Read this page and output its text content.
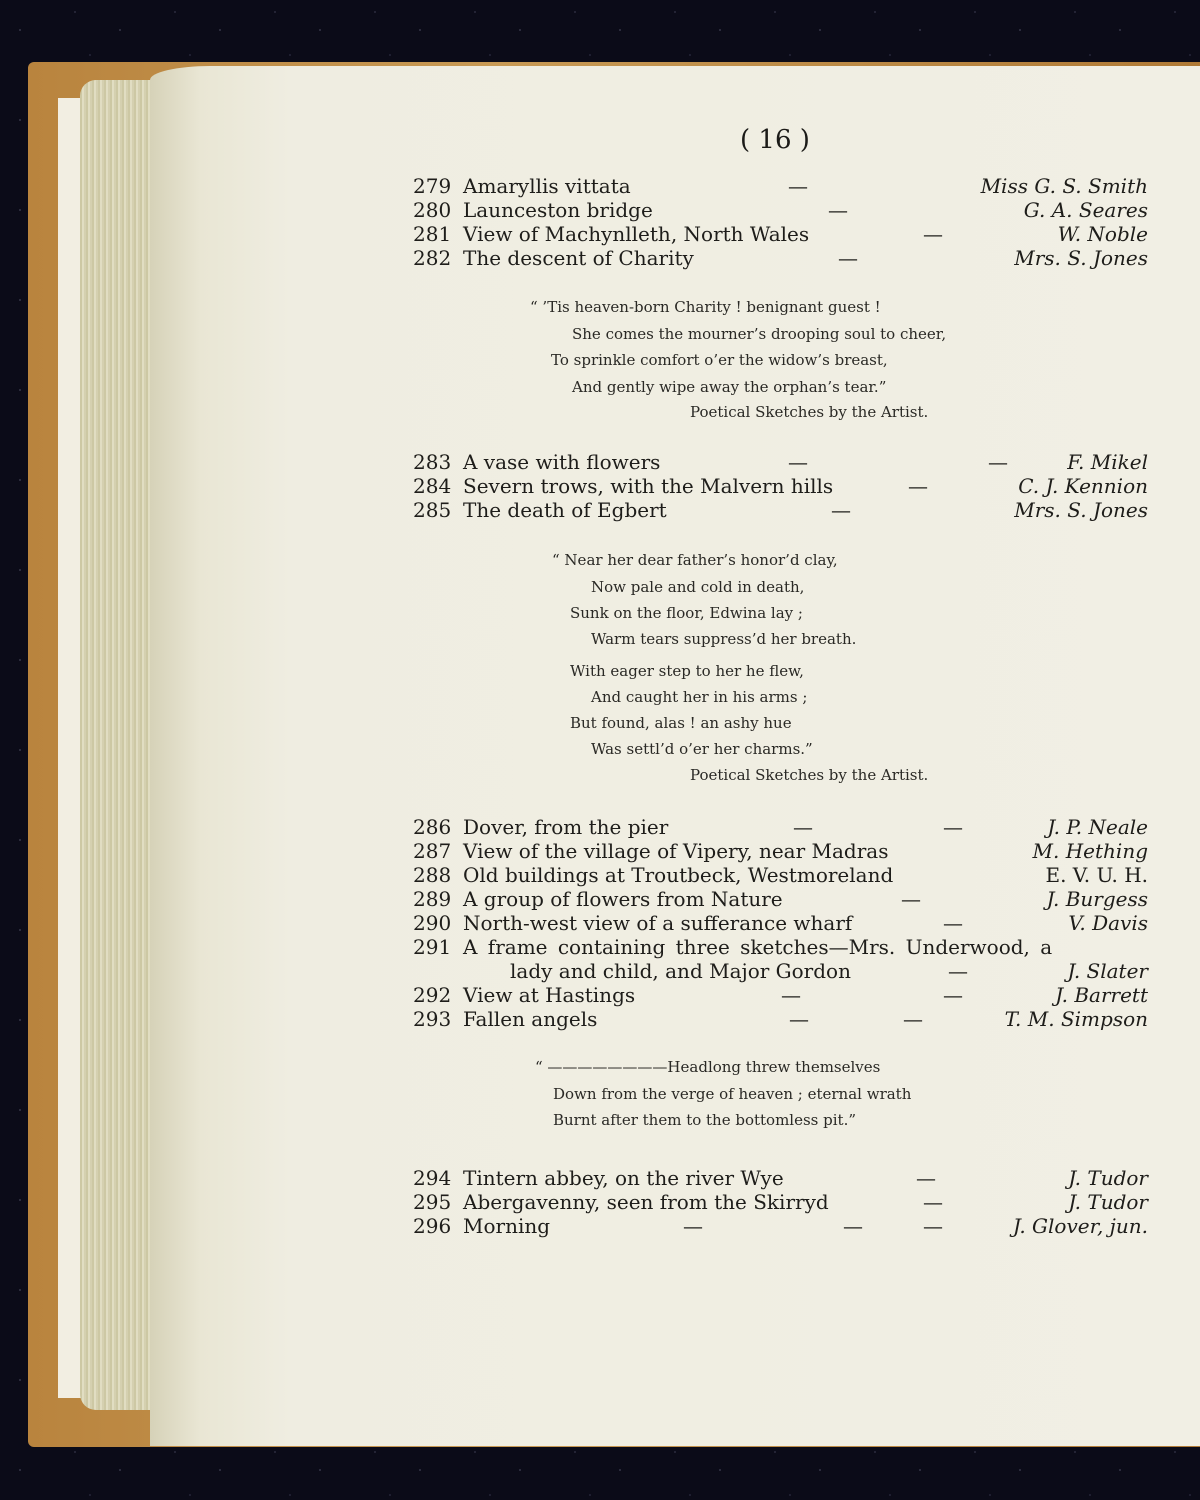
( 16 )
279 Amaryllis vittata	—	Miss G. S. Smith
280 Launceston bridge	—	G. A. Seares
281 View of Machynlleth, North Wales	—	W. Noble
282 The descent of Charity	—	Mrs. S. Jones
“ ’Tis heaven-born Charity ! benignant guest !
She comes the mourner’s drooping soul to cheer,
To sprinkle comfort o’er the widow’s breast,
And gently wipe away the orphan’s tear.”
Poetical Sketches by the Artist.
283 A vase with flowers	—	—	F. Mikel
284 Severn trows, with the Malvern hills	—	C. J. Kennion
285 The death of Egbert	—	Mrs. S. Jones
“ Near her dear father’s honor’d clay,
Now pale and cold in death,
Sunk on the floor, Edwina lay ;
Warm tears suppress’d her breath.
With eager step to her he flew,
And caught her in his arms ;
But found, alas ! an ashy hue
Was settl’d o’er her charms.”
Poetical Sketches by the Artist.
286 Dover, from the pier	—	—	J. P. Neale
287 View of the village of Vipery, near Madras	M. Hething
288 Old buildings at Troutbeck, Westmoreland	E. V. U. H.
289 A group of flowers from Nature	—	J. Burgess
290 North-west view of a sufferance wharf	—	V. Davis
291 A frame containing three sketches—Mrs. Underwood, a
lady and child, and Major Gordon	—	J. Slater
292 View at Hastings	—	—	J. Barrett
293 Fallen angels	—	—	T. M. Simpson
“ ————————Headlong threw themselves
Down from the verge of heaven ; eternal wrath
Burnt after them to the bottomless pit.”
294 Tintern abbey, on the river Wye	—	J. Tudor
295 Abergavenny, seen from the Skirryd	—	J. Tudor
296 Morning	—	—	—	J. Glover, jun.
